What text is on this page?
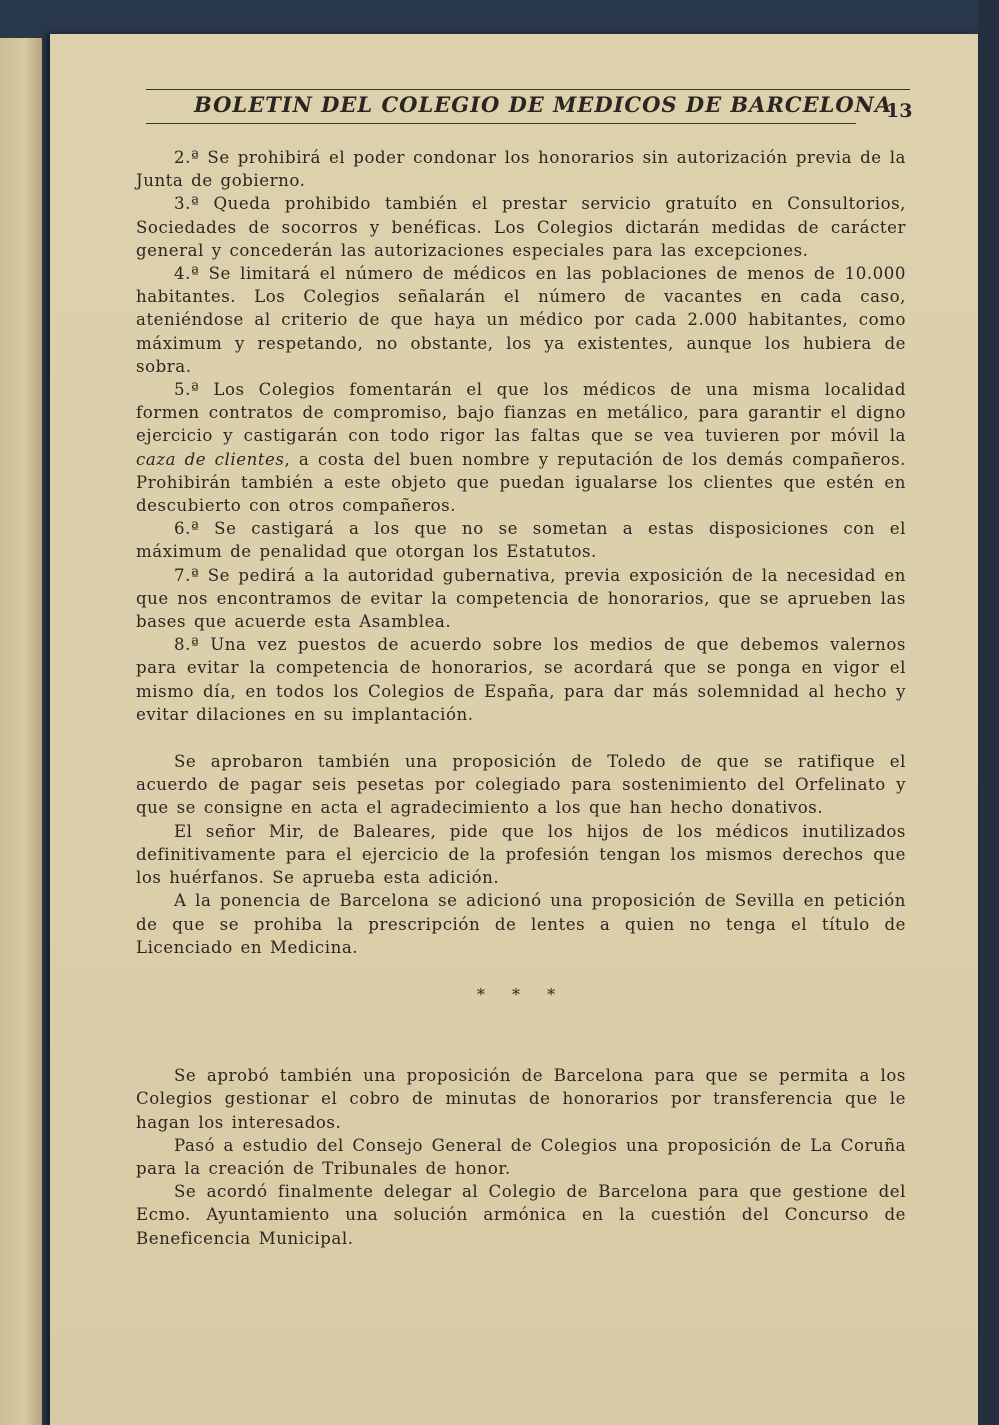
BOLETIN DEL COLEGIO DE MEDICOS DE BARCELONA
13

2.ª Se prohibirá el poder condonar los honorarios sin autorización previa de la Junta de gobierno.

3.ª Queda prohibido también el prestar servicio gratuíto en Consultorios, Sociedades de socorros y benéficas. Los Colegios dictarán medidas de carácter general y concederán las autorizaciones especiales para las excepciones.

4.ª Se limitará el número de médicos en las poblaciones de menos de 10.000 habitantes. Los Colegios señalarán el número de vacantes en cada caso, ateniéndose al criterio de que haya un médico por cada 2.000 habitantes, como máximum y respetando, no obstante, los ya existentes, aunque los hubiera de sobra.

5.ª Los Colegios fomentarán el que los médicos de una misma localidad formen contratos de compromiso, bajo fianzas en metálico, para garantir el digno ejercicio y castigarán con todo rigor las faltas que se vea tuvieren por móvil la caza de clientes, a costa del buen nombre y reputación de los demás compañeros. Prohibirán también a este objeto que puedan igualarse los clientes que estén en descubierto con otros compañeros.

6.ª Se castigará a los que no se sometan a estas disposiciones con el máximum de penalidad que otorgan los Estatutos.

7.ª Se pedirá a la autoridad gubernativa, previa exposición de la necesidad en que nos encontramos de evitar la competencia de honorarios, que se aprueben las bases que acuerde esta Asamblea.

8.ª Una vez puestos de acuerdo sobre los medios de que debemos valernos para evitar la competencia de honorarios, se acordará que se ponga en vigor el mismo día, en todos los Colegios de España, para dar más solemnidad al hecho y evitar dilaciones en su implantación.

Se aprobaron también una proposición de Toledo de que se ratifique el acuerdo de pagar seis pesetas por colegiado para sostenimiento del Orfelinato y que se consigne en acta el agradecimiento a los que han hecho donativos.

El señor Mir, de Baleares, pide que los hijos de los médicos inutilizados definitivamente para el ejercicio de la profesión tengan los mismos derechos que los huérfanos. Se aprueba esta adición.

A la ponencia de Barcelona se adicionó una proposición de Sevilla en petición de que se prohiba la prescripción de lentes a quien no tenga el título de Licenciado en Medicina.

* * *

Se aprobó también una proposición de Barcelona para que se permita a los Colegios gestionar el cobro de minutas de honorarios por transferencia que le hagan los interesados.

Pasó a estudio del Consejo General de Colegios una proposición de La Coruña para la creación de Tribunales de honor.

Se acordó finalmente delegar al Colegio de Barcelona para que gestione del Ecmo. Ayuntamiento una solución armónica en la cuestión del Concurso de Beneficencia Municipal.
